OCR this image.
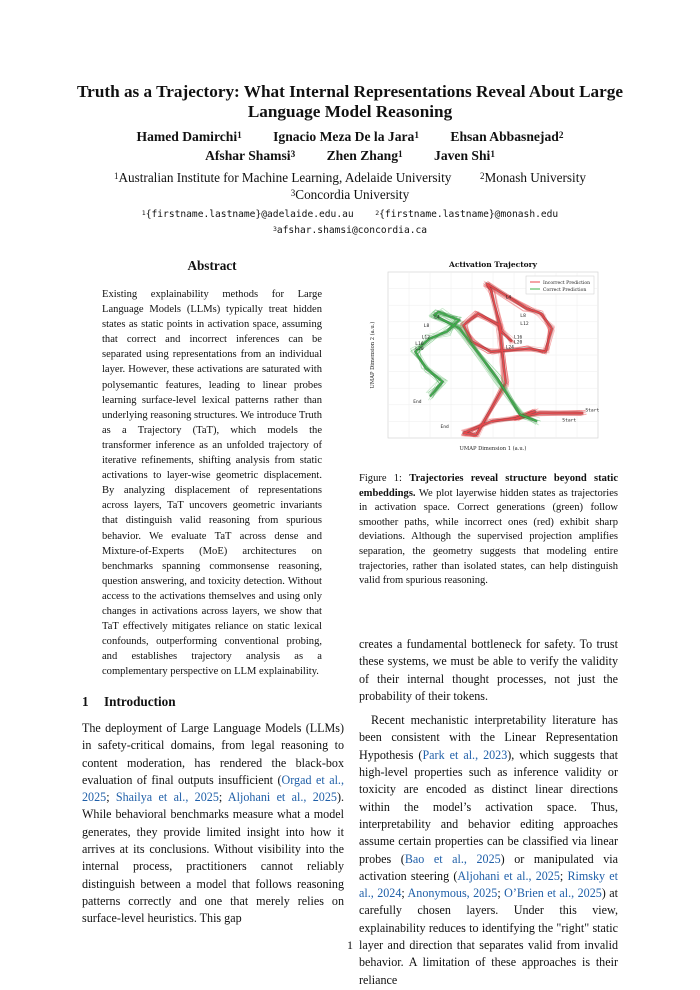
Truth as a Trajectory: What Internal Representations Reveal About Large Language Model Reasoning
Hamed Damirchi$^1$ Ignacio Meza De la Jara$^1$ Ehsan Abbasnejad$^2$
Afshar Shamsi$^3$ Zhen Zhang$^1$ Javen Shi$^1$
$^1$Australian Institute for Machine Learning, Adelaide University	$^2$Monash University
$^3$Concordia University
$^1${firstname.lastname}@adelaide.edu.au	$^2${firstname.lastname}@monash.edu
$^3$afshar.shamsi@concordia.ca
Abstract
Existing explainability methods for Large Language Models (LLMs) typically treat hidden states as static points in activation space, assuming that correct and incorrect inferences can be separated using representations from an individual layer. However, these activations are saturated with polysemantic features, leading to linear probes learning surface-level lexical patterns rather than underlying reasoning structures. We introduce Truth as a Trajectory (TaT), which models the transformer inference as an unfolded trajectory of iterative refinements, shifting analysis from static activations to layer-wise geometric displacement. By analyzing displacement of representations across layers, TaT uncovers geometric invariants that distinguish valid reasoning from spurious behavior. We evaluate TaT across dense and Mixture-of-Experts (MoE) architectures on benchmarks spanning commonsense reasoning, question answering, and toxicity detection. Without access to the activations themselves and using only changes in activations across layers, we show that TaT effectively mitigates reliance on static lexical confounds, outperforming conventional probing, and establishes trajectory analysis as a complementary perspective on LLM explainability.
1 Introduction

The deployment of Large Language Models (LLMs) in safety-critical domains, from legal reasoning to content moderation, has rendered the black-box evaluation of final outputs insufficient (Orgad et al., 2025; Shailya et al., 2025; Aljohani et al., 2025). While behavioral benchmarks measure what a model generates, they provide limited insight into how it arrives at its conclusions. Without visibility into the internal process, practitioners cannot reliably distinguish between a model that follows reasoning patterns correctly and one that merely relies on surface-level heuristics. This gap

Activation Trajectory
Start
Start
End
L4
L8
L12
L16
L20
L24
End
L4
L8
L12
L16
L20
Incorrect Prediction
Correct Prediction
UMAP Dimension 1 (a.u.)
UMAP Dimension 2 (a.u.)
Figure 1: Trajectories reveal structure beyond static embeddings. We plot layerwise hidden states as trajectories in activation space. Correct generations (green) follow smoother paths, while incorrect ones (red) exhibit sharp deviations. Although the supervised projection amplifies separation, the geometry suggests that modeling entire trajectories, rather than isolated states, can help distinguish valid from spurious reasoning.

creates a fundamental bottleneck for safety. To trust these systems, we must be able to verify the validity of their internal thought processes, not just the probability of their tokens.

Recent mechanistic interpretability literature has been consistent with the Linear Representation Hypothesis (Park et al., 2023), which suggests that high-level properties such as inference validity or toxicity are encoded as distinct linear directions within the model’s activation space. Thus, interpretability and behavior editing approaches assume certain properties can be classified via linear probes (Bao et al., 2025) or manipulated via activation steering (Aljohani et al., 2025; Rimsky et al., 2024; Anonymous, 2025; O’Brien et al., 2025) at carefully chosen layers. Under this view, explainability reduces to identifying the "right" static layer and direction that separates valid from invalid behavior. A limitation of these approaches is their reliance

1
